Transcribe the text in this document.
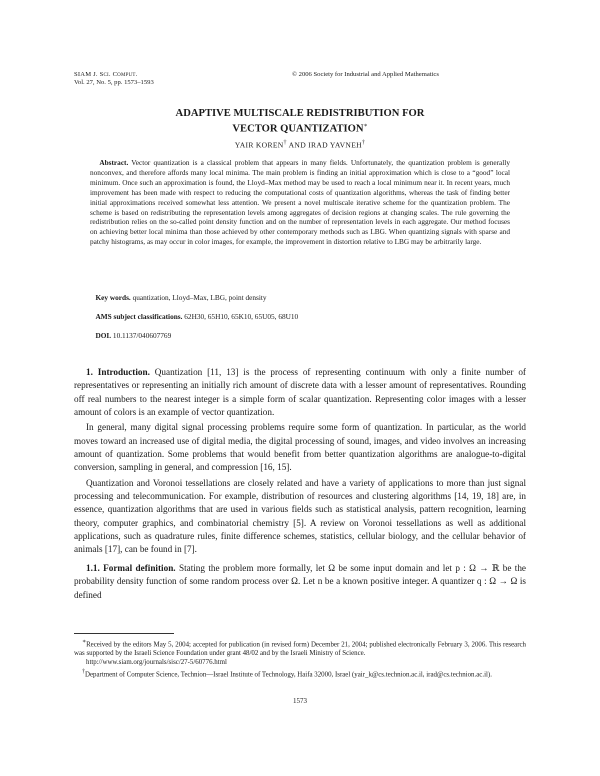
SIAM J. Sci. Comput.
Vol. 27, No. 5, pp. 1573–1593
© 2006 Society for Industrial and Applied Mathematics
ADAPTIVE MULTISCALE REDISTRIBUTION FOR
VECTOR QUANTIZATION∗
YAIR KOREN† AND IRAD YAVNEH†
Abstract. Vector quantization is a classical problem that appears in many fields. Unfortunately, the quantization problem is generally nonconvex, and therefore affords many local minima. The main problem is finding an initial approximation which is close to a “good” local minimum. Once such an approximation is found, the Lloyd–Max method may be used to reach a local minimum near it. In recent years, much improvement has been made with respect to reducing the computational costs of quantization algorithms, whereas the task of finding better initial approximations received somewhat less attention. We present a novel multiscale iterative scheme for the quantization problem. The scheme is based on redistributing the representation levels among aggregates of decision regions at changing scales. The rule governing the redistribution relies on the so-called point density function and on the number of representation levels in each aggregate. Our method focuses on achieving better local minima than those achieved by other contemporary methods such as LBG. When quantizing signals with sparse and patchy histograms, as may occur in color images, for example, the improvement in distortion relative to LBG may be arbitrarily large.
Key words. quantization, Lloyd–Max, LBG, point density
AMS subject classifications. 62H30, 65H10, 65K10, 65U05, 68U10
DOI. 10.1137/040607769

1. Introduction. Quantization [11, 13] is the process of representing continuum with only a finite number of representatives or representing an initially rich amount of discrete data with a lesser amount of representatives. Rounding off real numbers to the nearest integer is a simple form of scalar quantization. Representing color images with a lesser amount of colors is an example of vector quantization.

In general, many digital signal processing problems require some form of quantization. In particular, as the world moves toward an increased use of digital media, the digital processing of sound, images, and video involves an increasing amount of quantization. Some problems that would benefit from better quantization algorithms are analogue-to-digital conversion, sampling in general, and compression [16, 15].

Quantization and Voronoi tessellations are closely related and have a variety of applications to more than just signal processing and telecommunication. For example, distribution of resources and clustering algorithms [14, 19, 18] are, in essence, quantization algorithms that are used in various fields such as statistical analysis, pattern recognition, learning theory, computer graphics, and combinatorial chemistry [5]. A review on Voronoi tessellations as well as additional applications, such as quadrature rules, finite difference schemes, statistics, cellular biology, and the cellular behavior of animals [17], can be found in [7].

1.1. Formal definition. Stating the problem more formally, let Ω be some input domain and let p : Ω → ℝ be the probability density function of some random process over Ω. Let n be a known positive integer. A quantizer q : Ω → Ω is defined

∗Received by the editors May 5, 2004; accepted for publication (in revised form) December 21, 2004; published electronically February 3, 2006. This research was supported by the Israeli Science Foundation under grant 48/02 and by the Israeli Ministry of Science.

http://www.siam.org/journals/sisc/27-5/60776.html

†Department of Computer Science, Technion—Israel Institute of Technology, Haifa 32000, Israel (yair_k@cs.technion.ac.il, irad@cs.technion.ac.il).

1573
